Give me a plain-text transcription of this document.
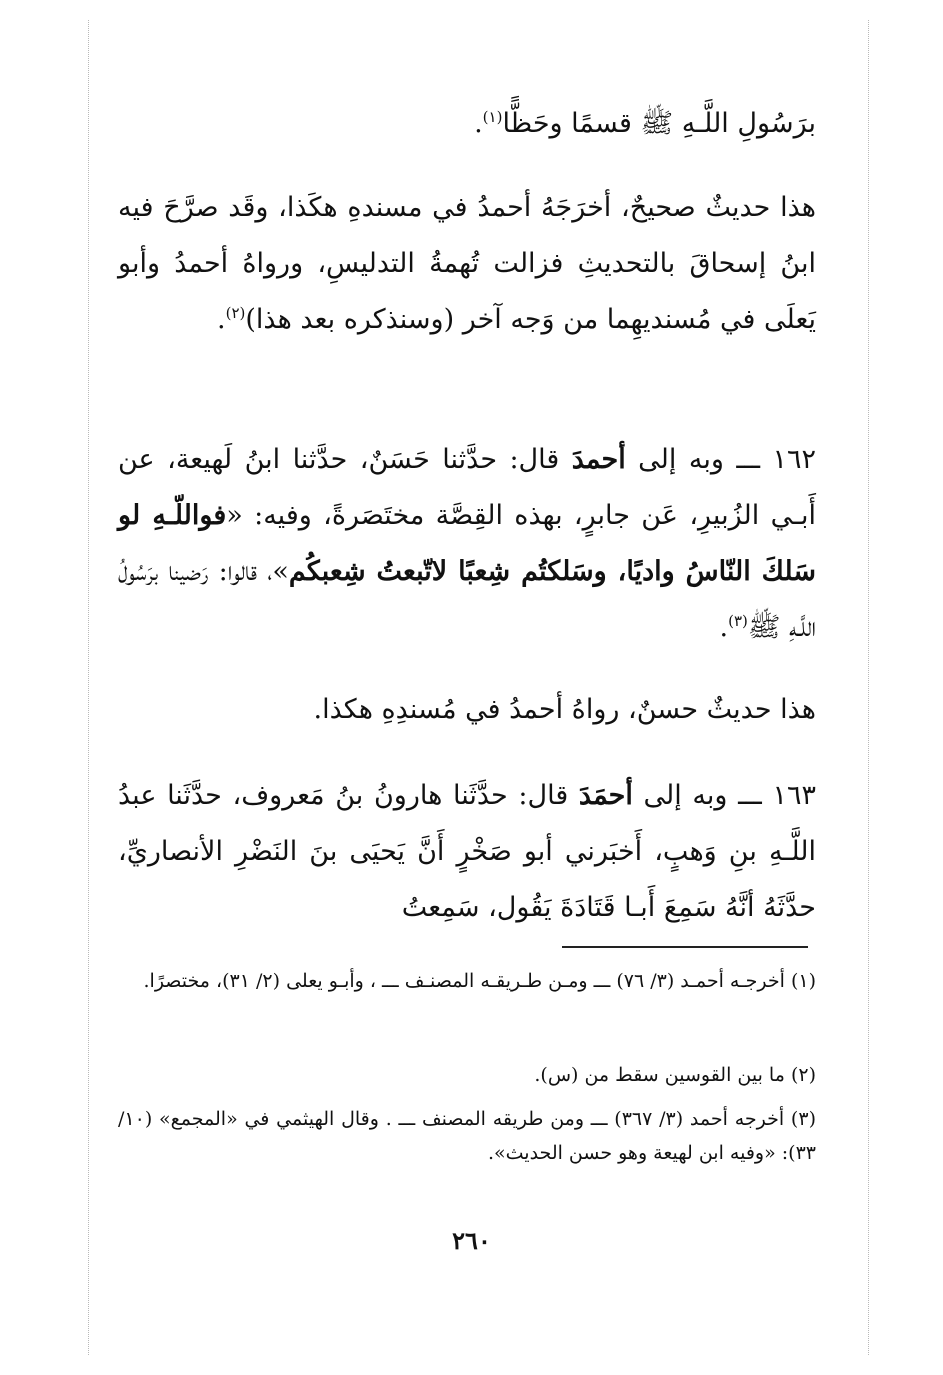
برَسُولِ اللَّـهِ ﷺ قسمًا وحَظًّا$^{(١)}$.
هذا حديثٌ صحيحٌ، أخرَجَهُ أحمدُ في مسندهِ هكَذا، وقَد صرَّحَ فيه ابنُ إسحاقَ بالتحديثِ فزالت تُهمةُ التدليسِ، ورواهُ أحمدُ وأبو يَعلَى في مُسنديهِما من وَجه آخر (وسنذكره بعد هذا)$^{(٢)}$.
١٦٢ ـــ وبه إلى أحمدَ قال: حدَّثنا حَسَنٌ، حدَّثنا ابنُ لَهيعة، عن أَبـي الزُبيرِ، عَن جابرٍ، بهذه القِصَّة مختَصَرةً، وفيه: «فواللّـهِ لو سَلكَ النّاسُ واديًا، وسَلكتُم شِعبًا لاتّبعتُ شِعبكُم»، قالوا: رَضينا برَسُولُ اللَّـهِ ﷺ$^{(٣)}$.
هذا حديثٌ حسنٌ، رواهُ أحمدُ في مُسندِهِ هكذا.
١٦٣ ـــ وبه إلى أحمَدَ قال: حدَّثَنا هارونُ بنُ مَعروف، حدَّثَنا عبدُ اللَّـهِ بنِ وَهبٍ، أَخبَرني أبو صَخْرٍ أَنَّ يَحيَى بنَ النَضْرِ الأنصاريِّ، حدَّثَهُ أنَّهُ سَمِعَ أَبـا قَتَادَةَ يَقُول، سَمِعتُ
(١) أخرجـه أحمـد (٣/ ٧٦) ـــ ومـن طـريقـه المصنـف ـــ ، وأبـو يعلى (٢/ ٣١)، مختصرًا.
(٢) ما بين القوسين سقط من (س).
(٣) أخرجه أحمد (٣/ ٣٦٧) ـــ ومن طريقه المصنف ـــ . وقال الهيثمي في «المجمع» (١٠/ ٣٣): «وفيه ابن لهيعة وهو حسن الحديث».
٢٦٠
